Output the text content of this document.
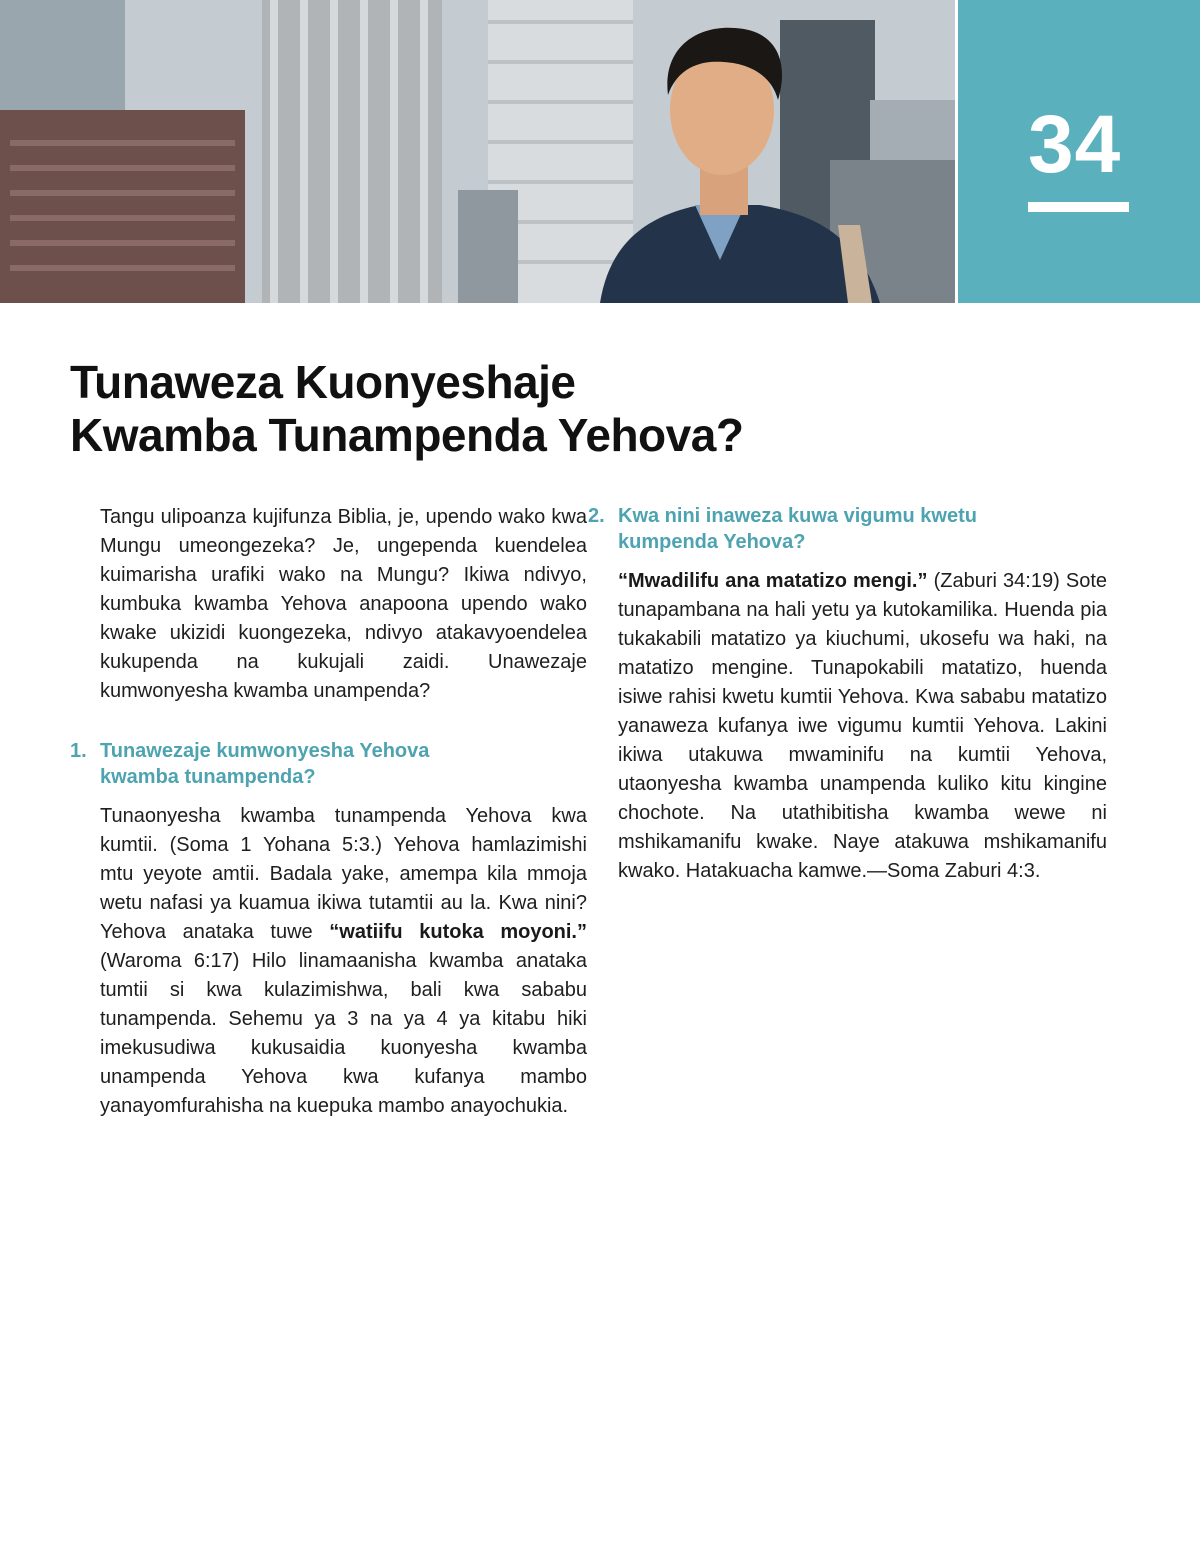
34
Tunaweza Kuonyeshaje
Kwamba Tunampenda Yehova?

Tangu ulipoanza kujifunza Biblia, je, upendo wako kwa Mungu umeongezeka? Je, ungependa kuendelea kuimarisha urafiki wako na Mungu? Ikiwa ndivyo, kumbuka kwamba Yehova anapoona upendo wako kwake ukizidi kuongezeka, ndivyo atakavyoendelea kukupenda na kukujali zaidi. Unawezaje kumwonyesha kwamba unampenda?

1. Tunawezaje kumwonyesha Yehova
kwamba tunampenda?

Tunaonyesha kwamba tunampenda Yehova kwa kumtii. (Soma 1 Yohana 5:3.) Yehova hamlazimishi mtu yeyote amtii. Badala yake, amempa kila mmoja wetu nafasi ya kuamua ikiwa tutamtii au la. Kwa nini? Yehova anataka tuwe “watiifu kutoka moyoni.” (Waroma 6:17) Hilo linamaanisha kwamba anataka tumtii si kwa kulazimishwa, bali kwa sababu tunampenda. Sehemu ya 3 na ya 4 ya kitabu hiki imekusudiwa kukusaidia kuonyesha kwamba unampenda Yehova kwa kufanya mambo yanayomfurahisha na kuepuka mambo anayochukia.

2. Kwa nini inaweza kuwa vigumu kwetu
kumpenda Yehova?

“Mwadilifu ana matatizo mengi.” (Zaburi 34:19) Sote tunapambana na hali yetu ya kutokamilika. Huenda pia tukakabili matatizo ya kiuchumi, ukosefu wa haki, na matatizo mengine. Tunapokabili matatizo, huenda isiwe rahisi kwetu kumtii Yehova. Kwa sababu matatizo yanaweza kufanya iwe vigumu kumtii Yehova. Lakini ikiwa utakuwa mwaminifu na kumtii Yehova, utaonyesha kwamba unampenda kuliko kitu kingine chochote. Na utathibitisha kwamba wewe ni mshikamanifu kwake. Naye atakuwa mshikamanifu kwako. Hatakuacha kamwe.—Soma Zaburi 4:3.
